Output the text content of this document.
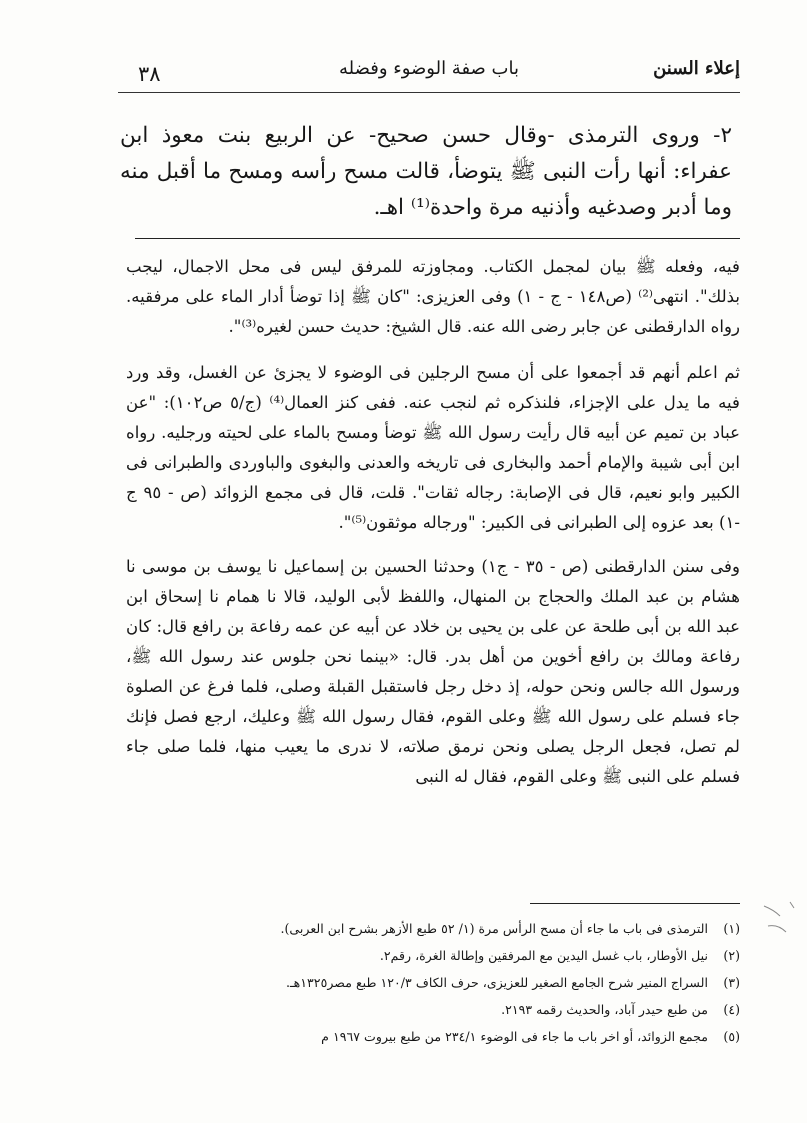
إعلاء السنن
باب صفة الوضوء وفضله
٣٨

٢- وروى الترمذى -وقال حسن صحيح- عن الربيع بنت معوذ ابن عفراء: أنها رأت النبى ﷺ يتوضأ، قالت مسح رأسه ومسح ما أقبل منه وما أدبر وصدغيه وأذنيه مرة واحدة⁽¹⁾ اهـ.

فيه، وفعله ﷺ بيان لمجمل الكتاب. ومجاوزته للمرفق ليس فى محل الاجمال، ليجب بذلك". انتهى⁽²⁾ (ص١٤٨ - ج - ١) وفى العزيزى: "كان ﷺ إذا توضأ أدار الماء على مرفقيه. رواه الدارقطنى عن جابر رضى الله عنه. قال الشيخ: حديث حسن لغيره⁽³⁾".

ثم اعلم أنهم قد أجمعوا على أن مسح الرجلين فى الوضوء لا يجزئ عن الغسل، وقد ورد فيه ما يدل على الإجزاء، فلنذكره ثم لنجب عنه. ففى كنز العمال⁽⁴⁾ (ج/٥ ص١٠٢): "عن عباد بن تميم عن أبيه قال رأيت رسول الله ﷺ توضأ ومسح بالماء على لحيته ورجليه. رواه ابن أبى شيبة والإمام أحمد والبخارى فى تاريخه والعدنى والبغوى والباوردى والطبرانى فى الكبير وابو نعيم، قال فى الإصابة: رجاله ثقات". قلت، قال فى مجمع الزوائد (ص - ٩٥ ج -١) بعد عزوه إلى الطبرانى فى الكبير: "ورجاله موثقون⁽⁵⁾".

وفى سنن الدارقطنى (ص - ٣٥ - ج١) وحدثنا الحسين بن إسماعيل نا يوسف بن موسى نا هشام بن عبد الملك والحجاج بن المنهال، واللفظ لأبى الوليد، قالا نا همام نا إسحاق ابن عبد الله بن أبى طلحة عن على بن يحيى بن خلاد عن أبيه عن عمه رفاعة بن رافع قال: كان رفاعة ومالك بن رافع أخوين من أهل بدر. قال: «بينما نحن جلوس عند رسول الله ﷺ، ورسول الله جالس ونحن حوله، إذ دخل رجل فاستقبل القبلة وصلى، فلما فرغ عن الصلوة جاء فسلم على رسول الله ﷺ وعلى القوم، فقال رسول الله ﷺ وعليك، ارجع فصل فإنك لم تصل، فجعل الرجل يصلى ونحن نرمق صلاته، لا ندرى ما يعيب منها، فلما صلى جاء فسلم على النبى ﷺ وعلى القوم، فقال له النبى

(١)
الترمذى فى باب ما جاء أن مسح الرأس مرة (١/ ٥٢ طبع الأزهر بشرح ابن العربى).
(٢)
نيل الأوطار، باب غسل اليدين مع المرفقين وإطالة الغرة، رقم٢.
(٣)
السراج المنير شرح الجامع الصغير للعزيزى، حرف الكاف ١٢٠/٣ طبع مصر١٣٢٥هـ.
(٤)
من طبع حيدر آباد، والحديث رقمه ٢١٩٣.
(٥)
مجمع الزوائد، أو اخر باب ما جاء فى الوضوء ٢٣٤/١ من طبع بيروت ١٩٦٧ م
